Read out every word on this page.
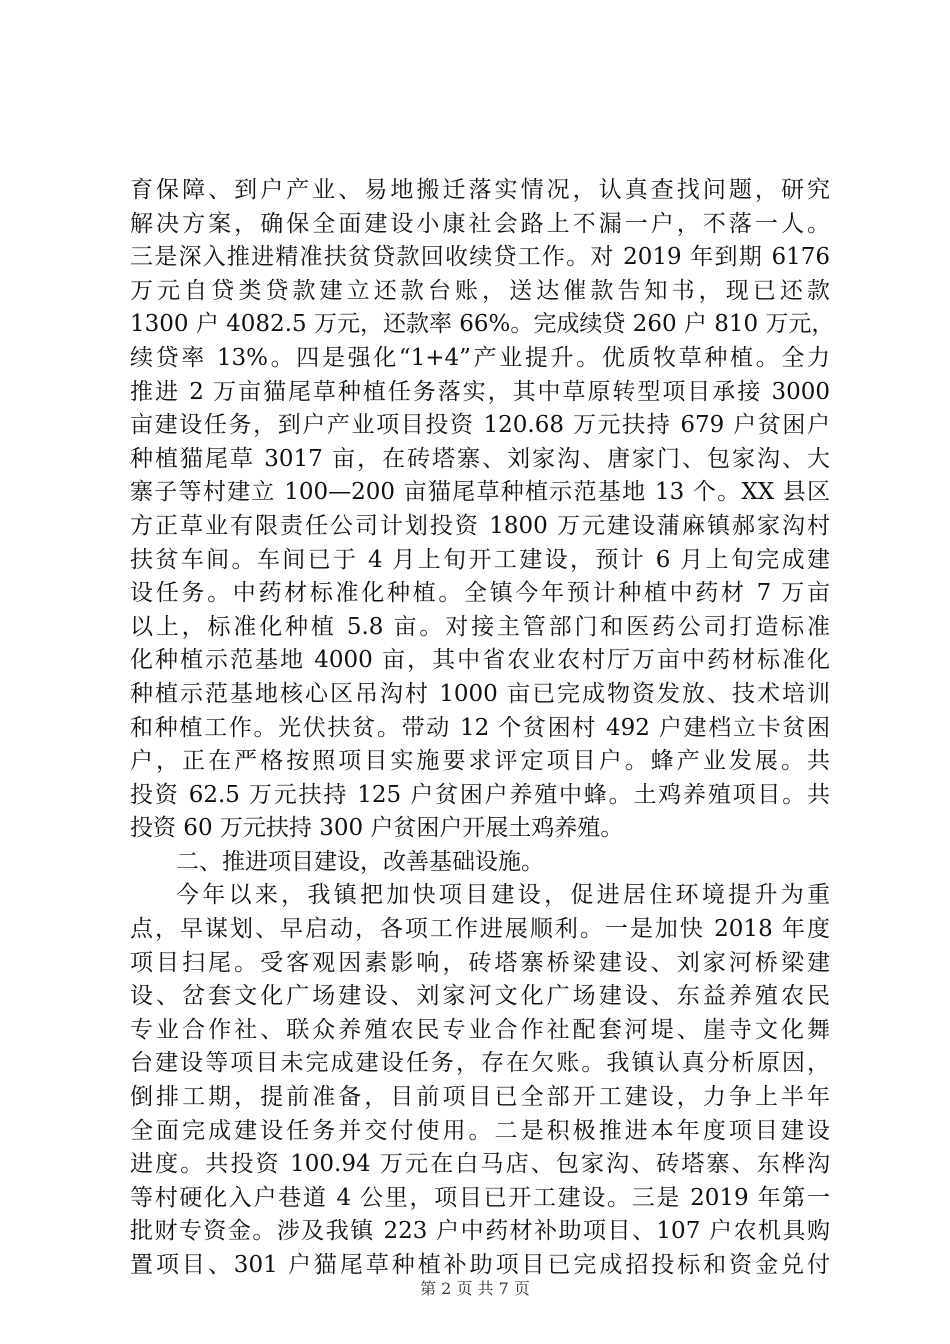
育保障、到户产业、易地搬迁落实情况，认真查找问题，研究
解决方案，确保全面建设小康社会路上不漏一户，不落一人。
三是深入推进精准扶贫贷款回收续贷工作。对 2019 年到期 6176
万元自贷类贷款建立还款台账，送达催款告知书，现已还款
1300 户 4082.5 万元，还款率 66%。完成续贷 260 户 810 万元，
续贷率 13%。四是强化“1+4”产业提升。优质牧草种植。全力
推进 2 万亩猫尾草种植任务落实，其中草原转型项目承接 3000
亩建设任务，到户产业项目投资 120.68 万元扶持 679 户贫困户
种植猫尾草 3017 亩，在砖塔寨、刘家沟、唐家门、包家沟、大
寨子等村建立 100—200 亩猫尾草种植示范基地 13 个。XX 县区
方正草业有限责任公司计划投资 1800 万元建设蒲麻镇郝家沟村
扶贫车间。车间已于 4 月上旬开工建设，预计 6 月上旬完成建
设任务。中药材标准化种植。全镇今年预计种植中药材 7 万亩
以上，标准化种植 5.8 亩。对接主管部门和医药公司打造标准
化种植示范基地 4000 亩，其中省农业农村厅万亩中药材标准化
种植示范基地核心区吊沟村 1000 亩已完成物资发放、技术培训
和种植工作。光伏扶贫。带动 12 个贫困村 492 户建档立卡贫困
户，正在严格按照项目实施要求评定项目户。蜂产业发展。共
投资 62.5 万元扶持 125 户贫困户养殖中蜂。土鸡养殖项目。共
投资 60 万元扶持 300 户贫困户开展土鸡养殖。
二、推进项目建设，改善基础设施。
今年以来，我镇把加快项目建设，促进居住环境提升为重
点，早谋划、早启动，各项工作进展顺利。一是加快 2018 年度
项目扫尾。受客观因素影响，砖塔寨桥梁建设、刘家河桥梁建
设、岔套文化广场建设、刘家河文化广场建设、东益养殖农民
专业合作社、联众养殖农民专业合作社配套河堤、崖寺文化舞
台建设等项目未完成建设任务，存在欠账。我镇认真分析原因，
倒排工期，提前准备，目前项目已全部开工建设，力争上半年
全面完成建设任务并交付使用。二是积极推进本年度项目建设
进度。共投资 100.94 万元在白马店、包家沟、砖塔寨、东桦沟
等村硬化入户巷道 4 公里，项目已开工建设。三是 2019 年第一
批财专资金。涉及我镇 223 户中药材补助项目、107 户农机具购
置项目、301 户猫尾草种植补助项目已完成招投标和资金兑付
第 2 页 共 7 页
